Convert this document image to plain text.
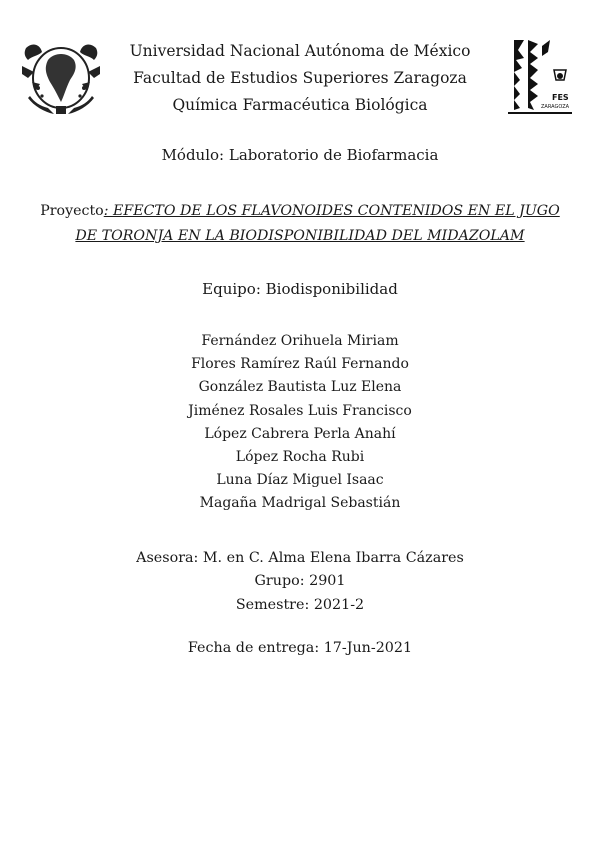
FES
ZARAGOZA
Universidad Nacional Autónoma de México
Facultad de Estudios Superiores Zaragoza
Química Farmacéutica Biológica
Módulo: Laboratorio de Biofarmacia
Proyecto: EFECTO DE LOS FLAVONOIDES CONTENIDOS EN EL JUGO
DE TORONJA EN LA BIODISPONIBILIDAD DEL MIDAZOLAM
Equipo: Biodisponibilidad
Fernández Orihuela Miriam
Flores Ramírez Raúl Fernando
González Bautista Luz Elena
Jiménez Rosales Luis Francisco
López Cabrera Perla Anahí
López Rocha Rubi
Luna Díaz Miguel Isaac
Magaña Madrigal Sebastián
Asesora: M. en C. Alma Elena Ibarra Cázares
Grupo: 2901
Semestre: 2021-2
Fecha de entrega: 17-Jun-2021
